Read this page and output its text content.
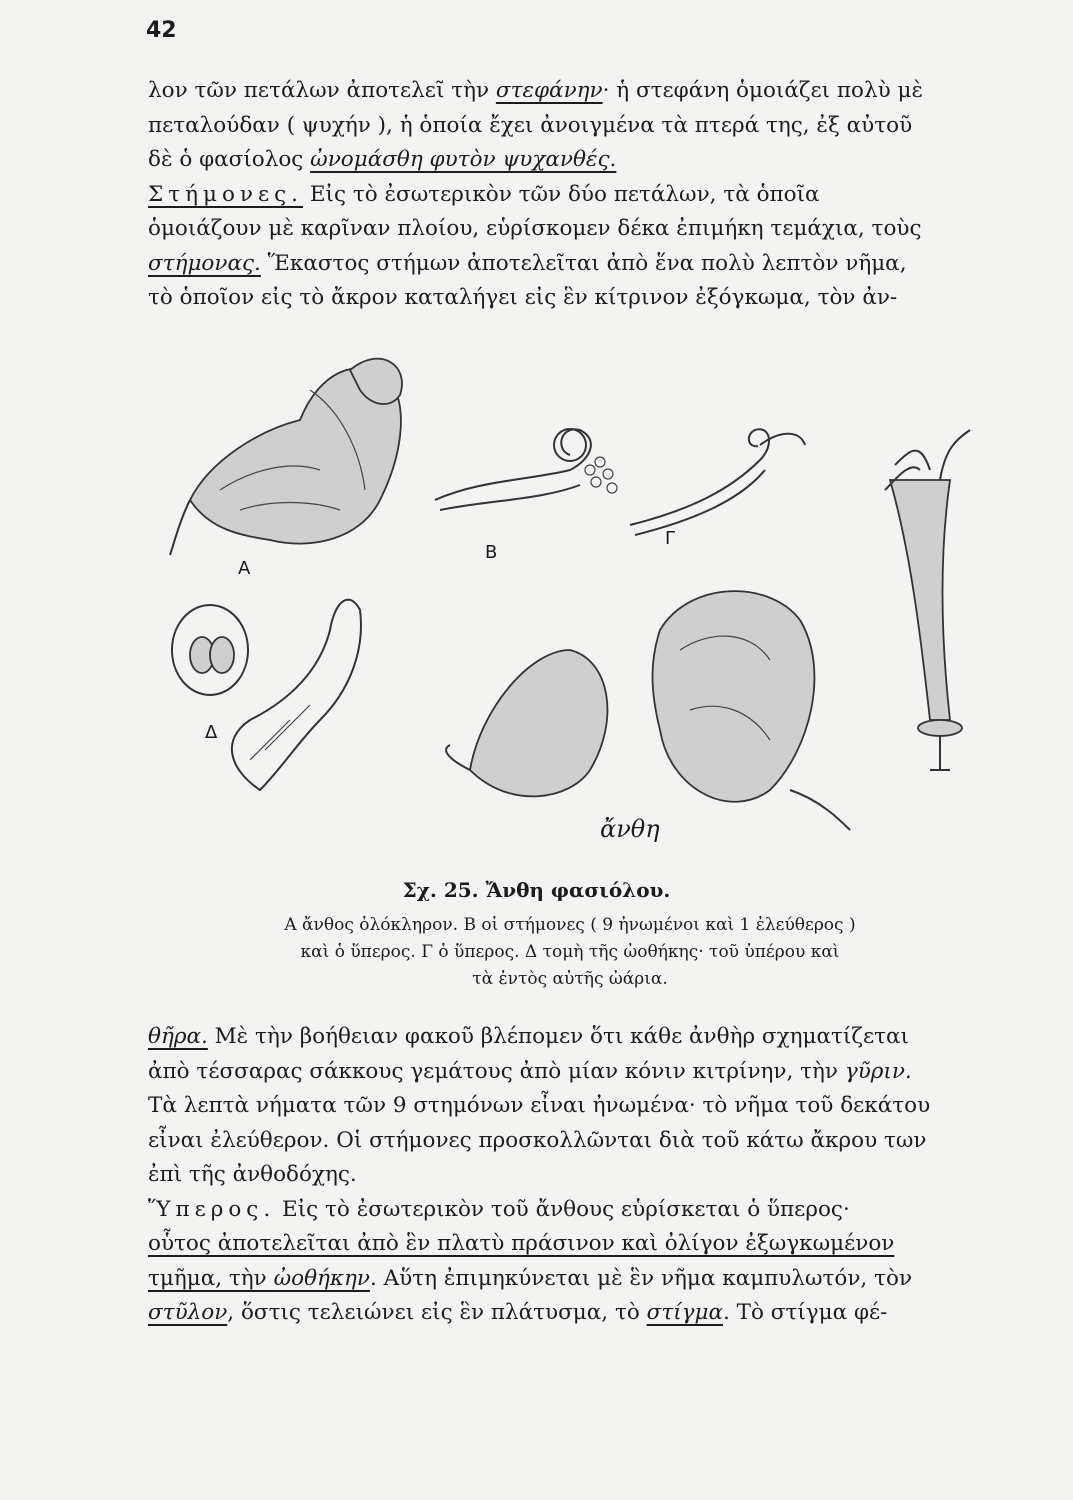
42
λον τῶν πετάλων ἀποτελεῖ τὴν στεφάνην· ἡ στεφάνη ὁμοιάζει πολὺ μὲ
πεταλούδαν ( ψυχήν ), ἡ ὁποία ἔχει ἀνοιγμένα τὰ πτερά της, ἐξ αὐτοῦ
δὲ ὁ φασίολος ὠνομάσθη φυτὸν ψυχανθές.
Στήμονες. Εἰς τὸ ἐσωτερικὸν τῶν δύο πετάλων, τὰ ὁποῖα
ὁμοιάζουν μὲ καρῖναν πλοίου, εὑρίσκομεν δέκα ἐπιμήκη τεμάχια, τοὺς
στήμονας. Ἕκαστος στήμων ἀποτελεῖται ἀπὸ ἕνα πολὺ λεπτὸν νῆμα,
τὸ ὁποῖον εἰς τὸ ἄκρον καταλήγει εἰς ἓν κίτρινον ἐξόγκωμα, τὸν ἀν-
Α
Β
Γ
Δ
ἄνθη
Σχ. 25. Ἄνθη φασιόλου.
Α ἄνθος ὁλόκληρον. Β οἱ στήμονες ( 9 ἠνωμένοι καὶ 1 ἐλεύθερος )
καὶ ὁ ὕπερος. Γ ὁ ὕπερος. Δ τομὴ τῆς ὠοθήκης· τοῦ ὑπέρου καὶ
τὰ ἐντὸς αὐτῆς ὠάρια.
θῆρα. Μὲ τὴν βοήθειαν φακοῦ βλέπομεν ὅτι κάθε ἀνθὴρ σχηματίζεται
ἀπὸ τέσσαρας σάκκους γεμάτους ἀπὸ μίαν κόνιν κιτρίνην, τὴν γῦριν.
Τὰ λεπτὰ νήματα τῶν 9 στημόνων εἶναι ἠνωμένα· τὸ νῆμα τοῦ δεκάτου
εἶναι ἐλεύθερον. Οἱ στήμονες προσκολλῶνται διὰ τοῦ κάτω ἄκρου των
ἐπὶ τῆς ἀνθοδόχης.
Ὕπερος. Εἰς τὸ ἐσωτερικὸν τοῦ ἄνθους εὑρίσκεται ὁ ὕπερος·
οὗτος ἀποτελεῖται ἀπὸ ἓν πλατὺ πράσινον καὶ ὀλίγον ἐξωγκωμένον
τμῆμα, τὴν ὠοθήκην. Αὕτη ἐπιμηκύνεται μὲ ἓν νῆμα καμπυλωτόν, τὸν
στῦλον, ὅστις τελειώνει εἰς ἓν πλάτυσμα, τὸ στίγμα. Τὸ στίγμα φέ-
